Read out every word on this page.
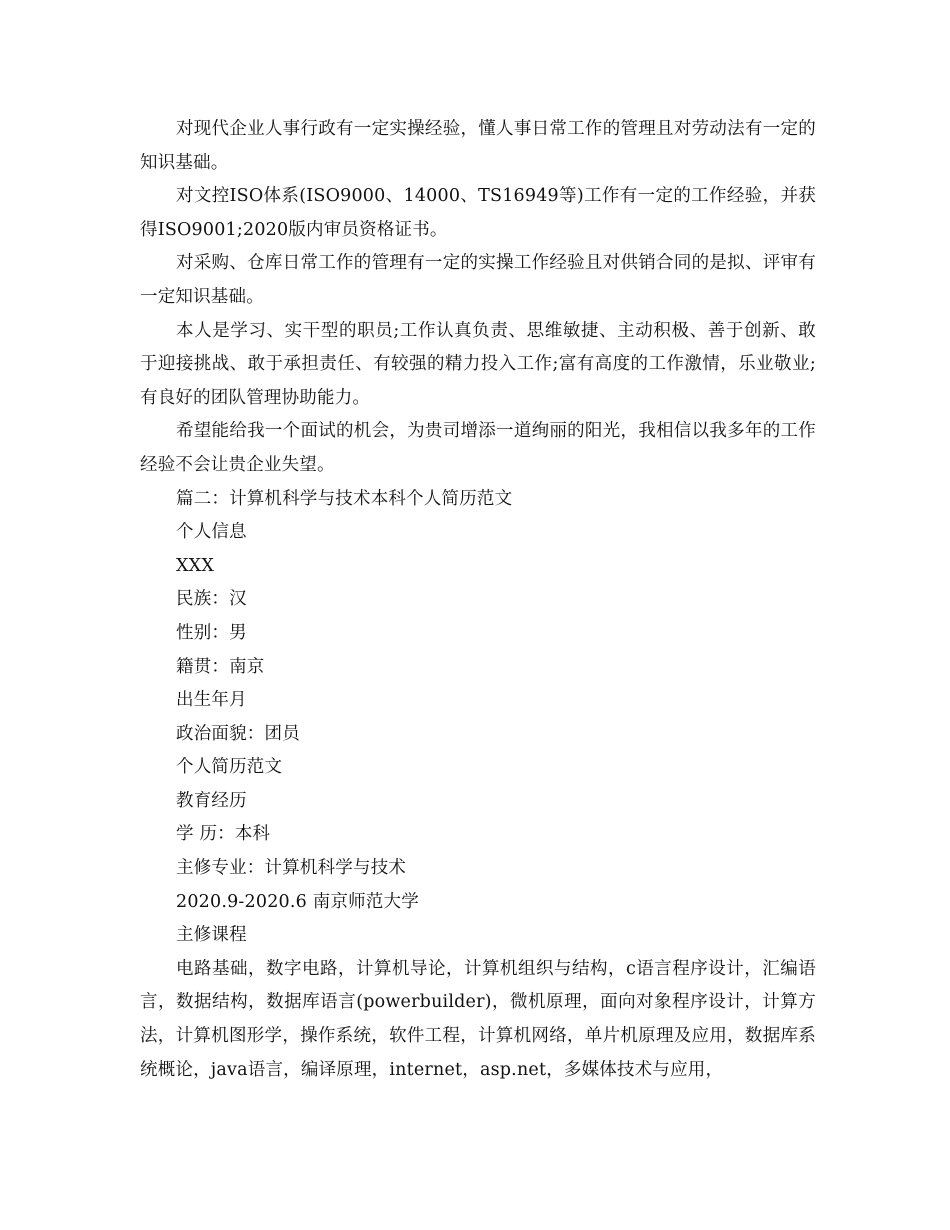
对现代企业人事行政有一定实操经验，懂人事日常工作的管理且对劳动法有一定的知识基础。

对文控ISO体系(ISO9000、14000、TS16949等)工作有一定的工作经验，并获得ISO9001;2020版内审员资格证书。

对采购、仓库日常工作的管理有一定的实操工作经验且对供销合同的是拟、评审有一定知识基础。

本人是学习、实干型的职员;工作认真负责、思维敏捷、主动积极、善于创新、敢于迎接挑战、敢于承担责任、有较强的精力投入工作;富有高度的工作激情，乐业敬业;有良好的团队管理协助能力。

希望能给我一个面试的机会，为贵司增添一道绚丽的阳光，我相信以我多年的工作经验不会让贵企业失望。

篇二：计算机科学与技术本科个人简历范文

个人信息

XXX

民族：汉

性别：男

籍贯：南京

出生年月

政治面貌：团员

个人简历范文

教育经历

学 历：本科

主修专业：计算机科学与技术

2020.9-2020.6 南京师范大学

主修课程

电路基础，数字电路，计算机导论，计算机组织与结构，c语言程序设计，汇编语言，数据结构，数据库语言(powerbuilder)，微机原理，面向对象程序设计，计算方法，计算机图形学，操作系统，软件工程，计算机网络，单片机原理及应用，数据库系统概论，java语言，编译原理，internet，asp.net，多媒体技术与应用，
